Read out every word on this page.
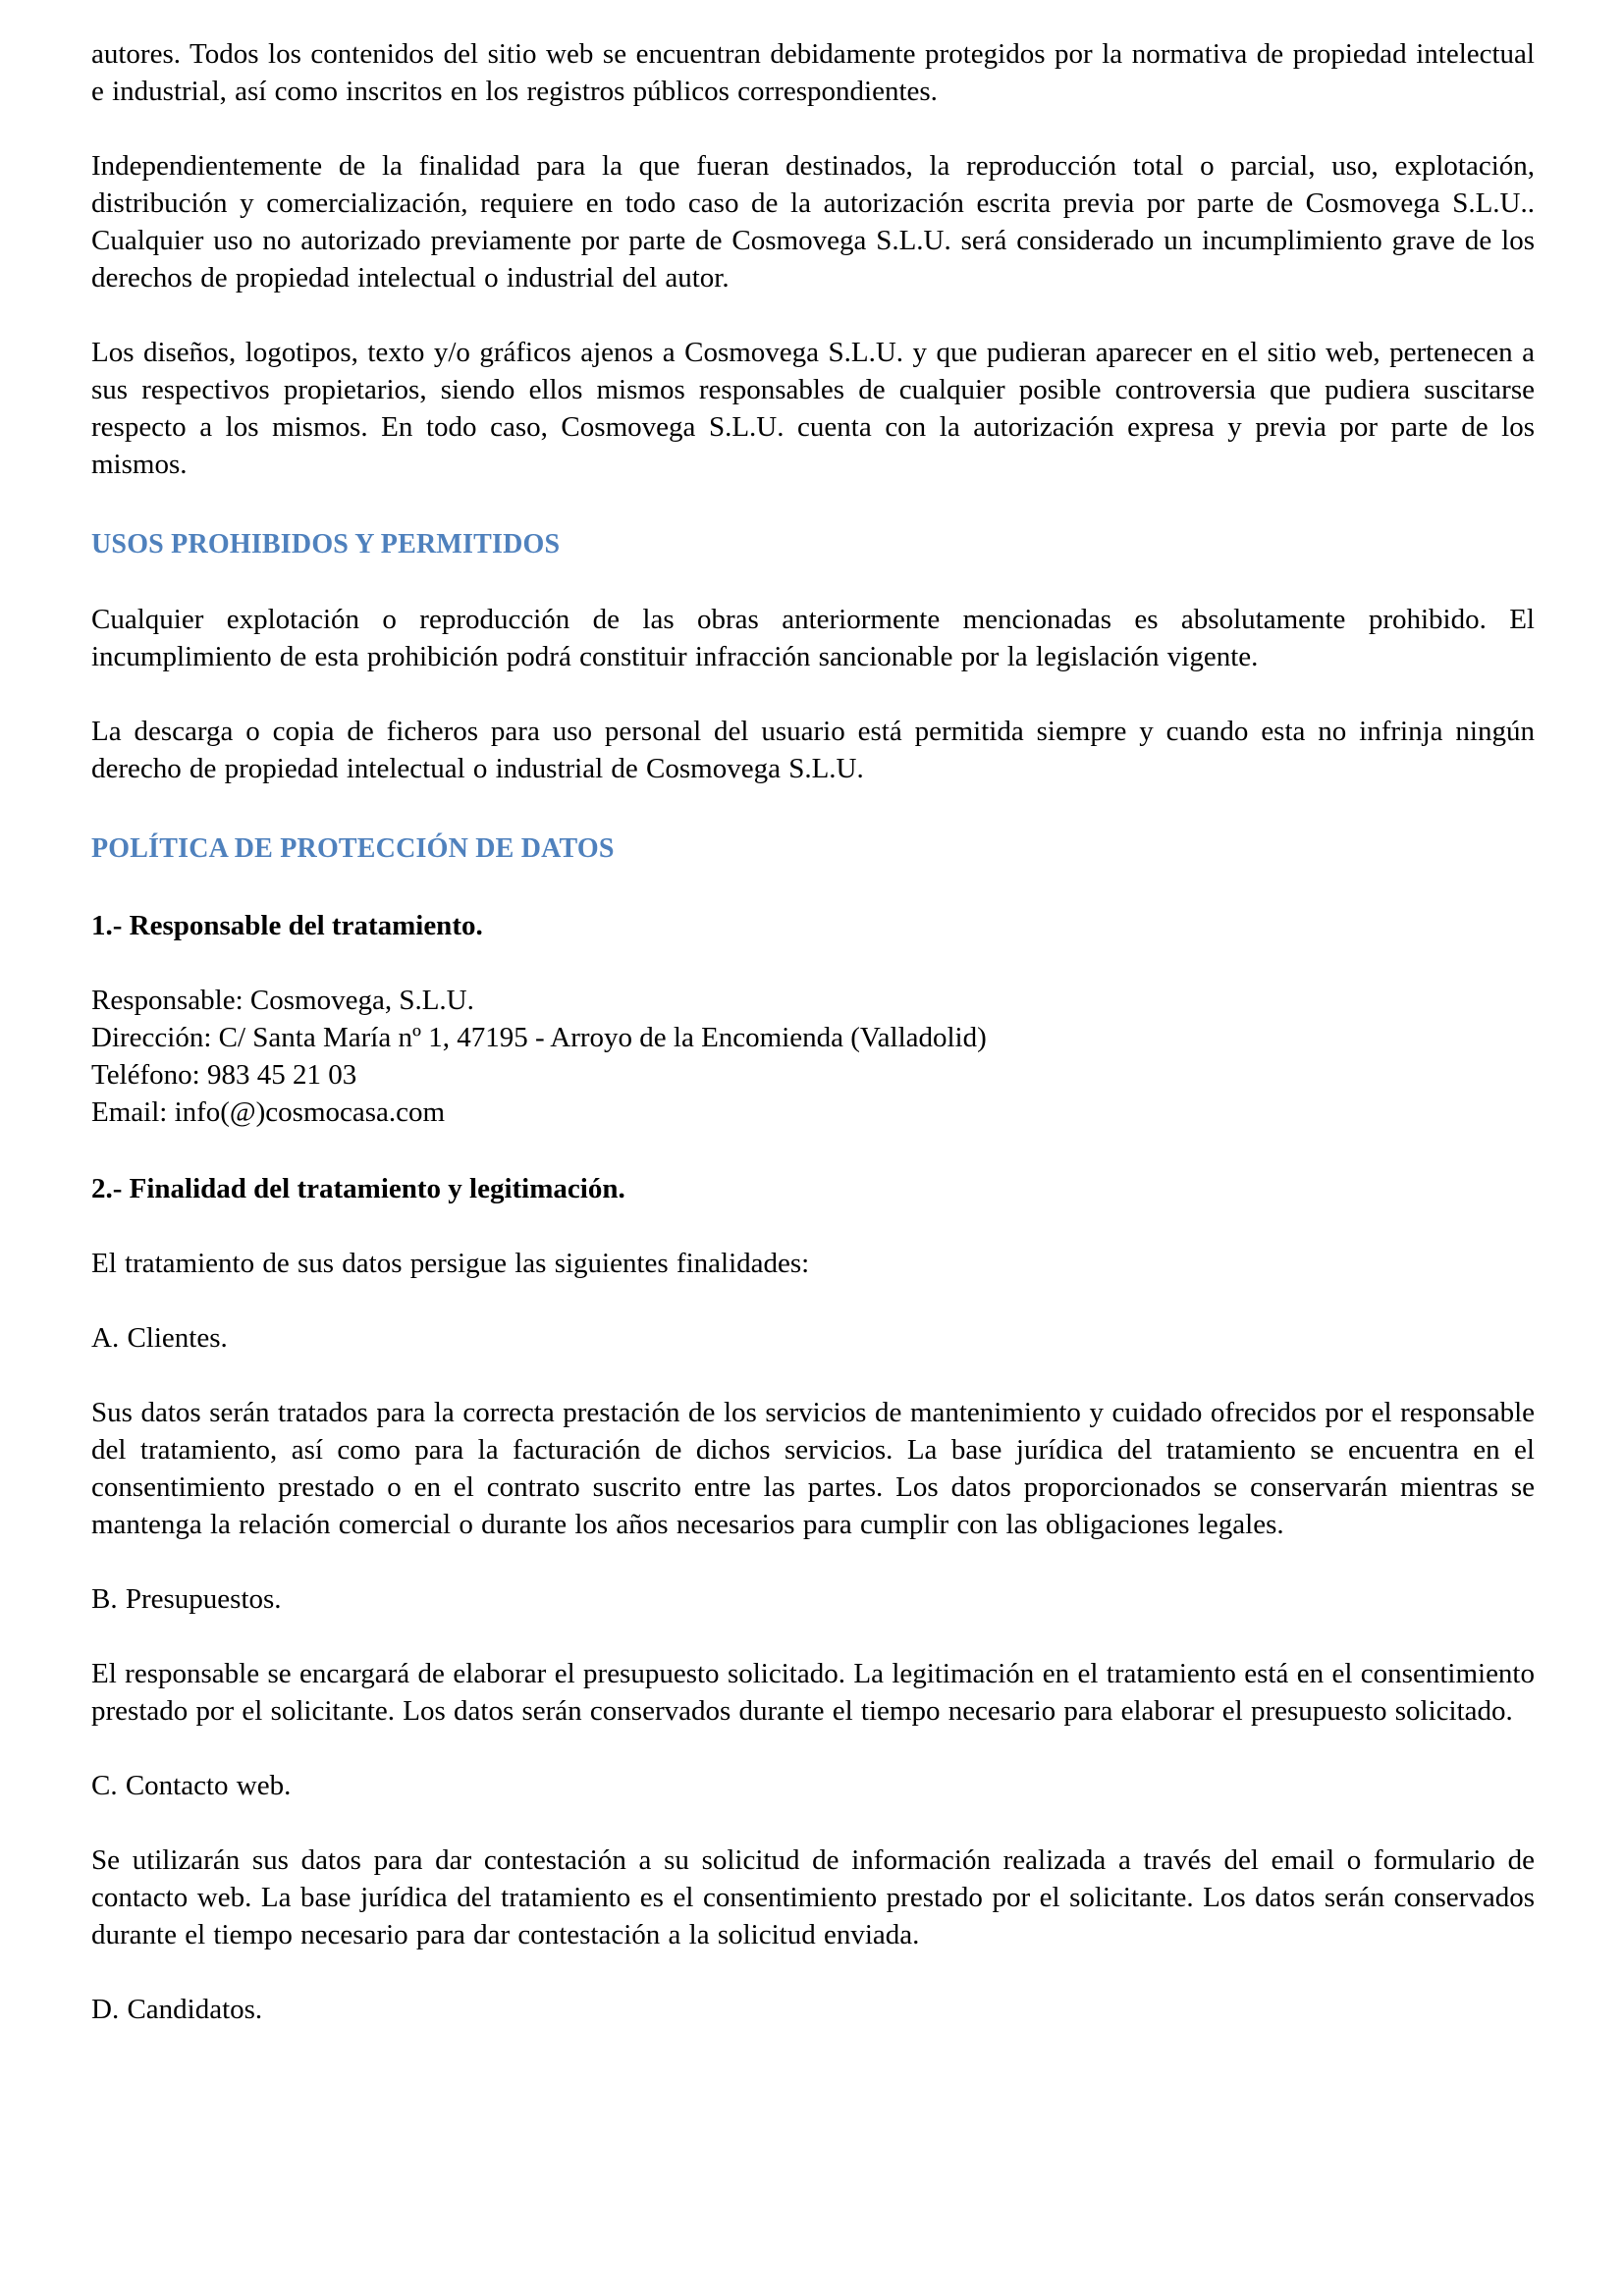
autores. Todos los contenidos del sitio web se encuentran debidamente protegidos por la normativa de propiedad intelectual e industrial, así como inscritos en los registros públicos correspondientes.

Independientemente de la finalidad para la que fueran destinados, la reproducción total o parcial, uso, explotación, distribución y comercialización, requiere en todo caso de la autorización escrita previa por parte de Cosmovega S.L.U.. Cualquier uso no autorizado previamente por parte de Cosmovega S.L.U. será considerado un incumplimiento grave de los derechos de propiedad intelectual o industrial del autor.

Los diseños, logotipos, texto y/o gráficos ajenos a Cosmovega S.L.U. y que pudieran aparecer en el sitio web, pertenecen a sus respectivos propietarios, siendo ellos mismos responsables de cualquier posible controversia que pudiera suscitarse respecto a los mismos. En todo caso, Cosmovega S.L.U. cuenta con la autorización expresa y previa por parte de los mismos.

USOS PROHIBIDOS Y PERMITIDOS

Cualquier explotación o reproducción de las obras anteriormente mencionadas es absolutamente prohibido. El incumplimiento de esta prohibición podrá constituir infracción sancionable por la legislación vigente.

La descarga o copia de ficheros para uso personal del usuario está permitida siempre y cuando esta no infrinja ningún derecho de propiedad intelectual o industrial de Cosmovega S.L.U.

POLÍTICA DE PROTECCIÓN DE DATOS
1.- Responsable del tratamiento.
Responsable: Cosmovega, S.L.U.
Dirección: C/ Santa María nº 1, 47195 - Arroyo de la Encomienda (Valladolid)
Teléfono: 983 45 21 03
Email: info(@)cosmocasa.com
2.- Finalidad del tratamiento y legitimación.

El tratamiento de sus datos persigue las siguientes finalidades:

A. Clientes.

Sus datos serán tratados para la correcta prestación de los servicios de mantenimiento y cuidado ofrecidos por el responsable del tratamiento, así como para la facturación de dichos servicios. La base jurídica del tratamiento se encuentra en el consentimiento prestado o en el contrato suscrito entre las partes. Los datos proporcionados se conservarán mientras se mantenga la relación comercial o durante los años necesarios para cumplir con las obligaciones legales.

B. Presupuestos.

El responsable se encargará de elaborar el presupuesto solicitado. La legitimación en el tratamiento está en el consentimiento prestado por el solicitante. Los datos serán conservados durante el tiempo necesario para elaborar el presupuesto solicitado.

C. Contacto web.

Se utilizarán sus datos para dar contestación a su solicitud de información realizada a través del email o formulario de contacto web. La base jurídica del tratamiento es el consentimiento prestado por el solicitante. Los datos serán conservados durante el tiempo necesario para dar contestación a la solicitud enviada.

D. Candidatos.
